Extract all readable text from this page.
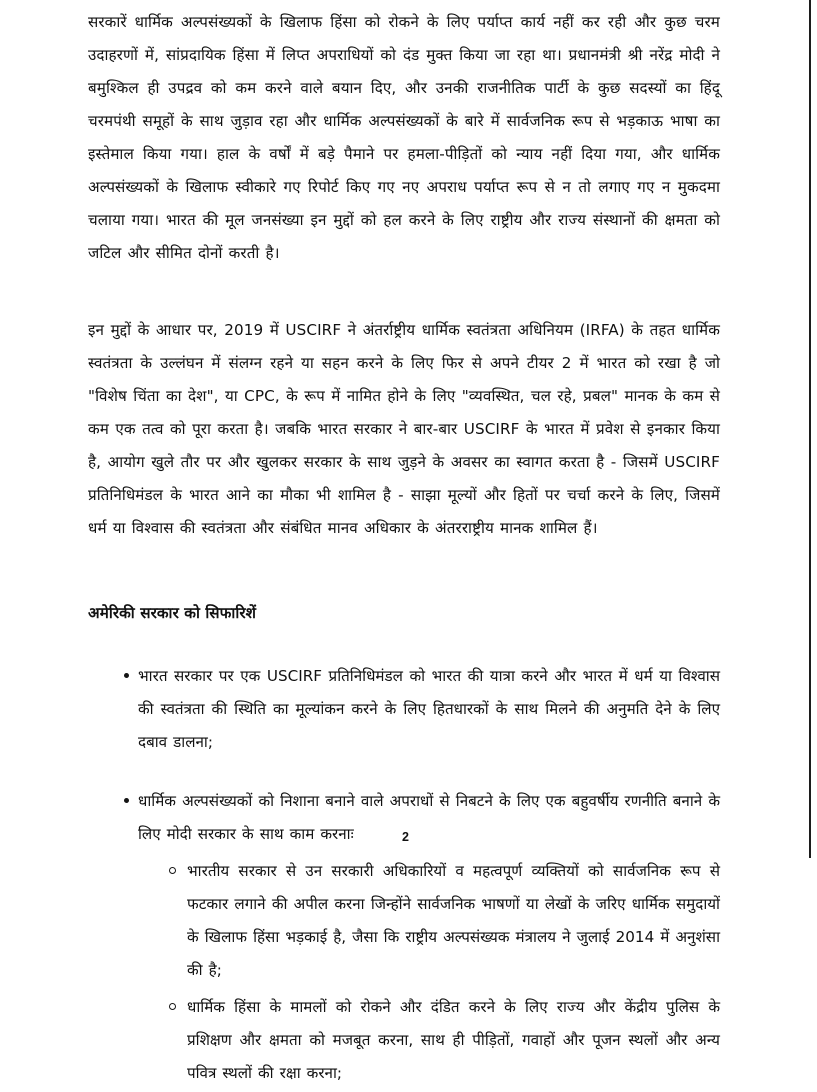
सरकारें धार्मिक अल्पसंख्यकों के खिलाफ हिंसा को रोकने के लिए पर्याप्त कार्य नहीं कर रही और कुछ चरम उदाहरणों में, सांप्रदायिक हिंसा में लिप्त अपराधियों को दंड मुक्त किया जा रहा था। प्रधानमंत्री श्री नरेंद्र मोदी ने बमुश्किल ही उपद्रव को कम करने वाले बयान दिए, और उनकी राजनीतिक पार्टी के कुछ सदस्यों का हिंदू चरमपंथी समूहों के साथ जुड़ाव रहा और धार्मिक अल्पसंख्यकों के बारे में सार्वजनिक रूप से भड़काऊ भाषा का इस्तेमाल किया गया। हाल के वर्षों में बड़े पैमाने पर हमला-पीड़ितों को न्याय नहीं दिया गया, और धार्मिक अल्पसंख्यकों के खिलाफ स्वीकारे गए रिपोर्ट किए गए नए अपराध पर्याप्त रूप से न तो लगाए गए न मुकदमा चलाया गया। भारत की मूल जनसंख्या इन मुद्दों को हल करने के लिए राष्ट्रीय और राज्य संस्थानों की क्षमता को जटिल और सीमित दोनों करती है।

इन मुद्दों के आधार पर, 2019 में USCIRF ने अंतर्राष्ट्रीय धार्मिक स्वतंत्रता अधिनियम (IRFA) के तहत धार्मिक स्वतंत्रता के उल्लंघन में संलग्न रहने या सहन करने के लिए फिर से अपने टीयर 2 में भारत को रखा है जो "विशेष चिंता का देश", या CPC, के रूप में नामित होने के लिए "व्यवस्थित, चल रहे, प्रबल" मानक के कम से कम एक तत्व को पूरा करता है। जबकि भारत सरकार ने बार-बार USCIRF के भारत में प्रवेश से इनकार किया है, आयोग खुले तौर पर और खुलकर सरकार के साथ जुड़ने के अवसर का स्वागत करता है - जिसमें USCIRF प्रतिनिधिमंडल के भारत आने का मौका भी शामिल है - साझा मूल्यों और हितों पर चर्चा करने के लिए, जिसमें धर्म या विश्वास की स्वतंत्रता और संबंधित मानव अधिकार के अंतरराष्ट्रीय मानक शामिल हैं।

अमेरिकी सरकार को सिफारिशें
भारत सरकार पर एक USCIRF प्रतिनिधिमंडल को भारत की यात्रा करने और भारत में धर्म या विश्वास की स्वतंत्रता की स्थिति का मूल्यांकन करने के लिए हितधारकों के साथ मिलने की अनुमति देने के लिए दबाव डालना;
धार्मिक अल्पसंख्यकों को निशाना बनाने वाले अपराधों से निबटने के लिए एक बहुवर्षीय रणनीति बनाने के लिए मोदी सरकार के साथ काम करनाः
भारतीय सरकार से उन सरकारी अधिकारियों व महत्वपूर्ण व्यक्तियों को सार्वजनिक रूप से फटकार लगाने की अपील करना जिन्होंने सार्वजनिक भाषणों या लेखों के जरिए धार्मिक समुदायों के खिलाफ हिंसा भड़काई है, जैसा कि राष्ट्रीय अल्पसंख्यक मंत्रालय ने जुलाई 2014 में अनुशंसा की है;
धार्मिक हिंसा के मामलों को रोकने और दंडित करने के लिए राज्य और केंद्रीय पुलिस के प्रशिक्षण और क्षमता को मजबूत करना, साथ ही पीड़ितों, गवाहों और पूजन स्थलों और अन्य पवित्र स्थलों की रक्षा करना;
2
